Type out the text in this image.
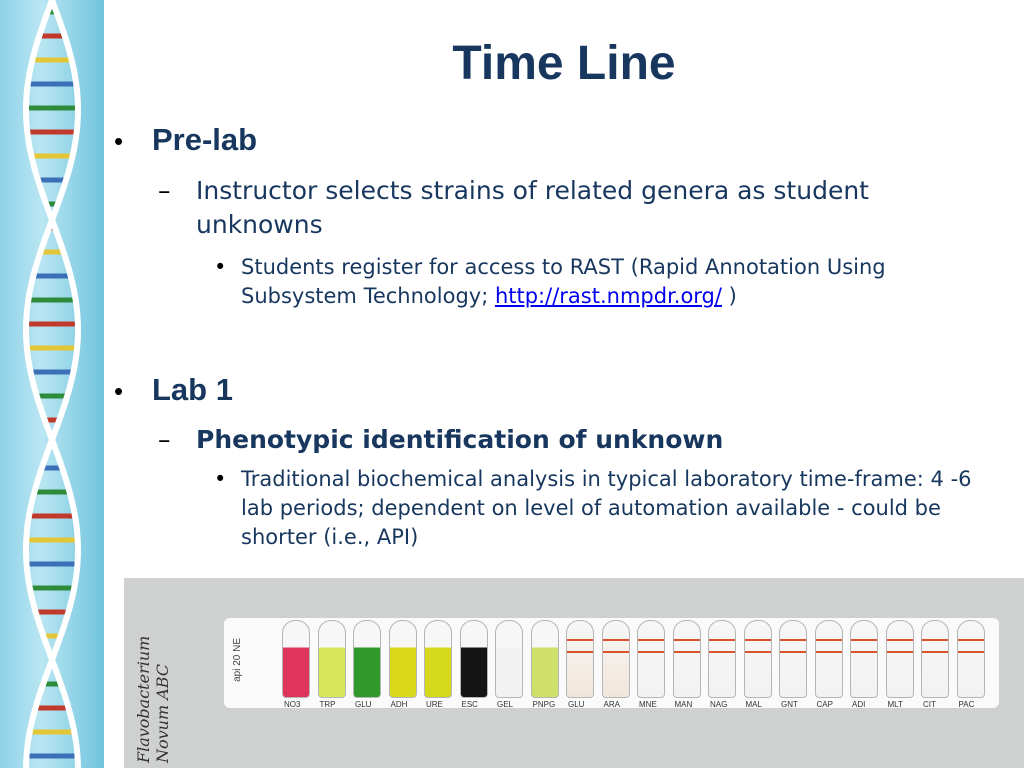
Time Line
• Pre-lab
– Instructor selects strains of related genera as student unknowns
• Students register for access to RAST (Rapid Annotation Using Subsystem Technology; http://rast.nmpdr.org/ )
• Lab 1
– Phenotypic identification of unknown
• Traditional biochemical analysis in typical laboratory time-frame: 4 -6 lab periods; dependent on level of automation available - could be shorter (i.e., API)
Flavobacterium Novum ABC
api 20 NE
NO3 TRP GLU ADH URE ESC GEL PNPG GLU ARA MNE MAN NAG MAL GNT CAP ADI	MLT	CIT	PAC
